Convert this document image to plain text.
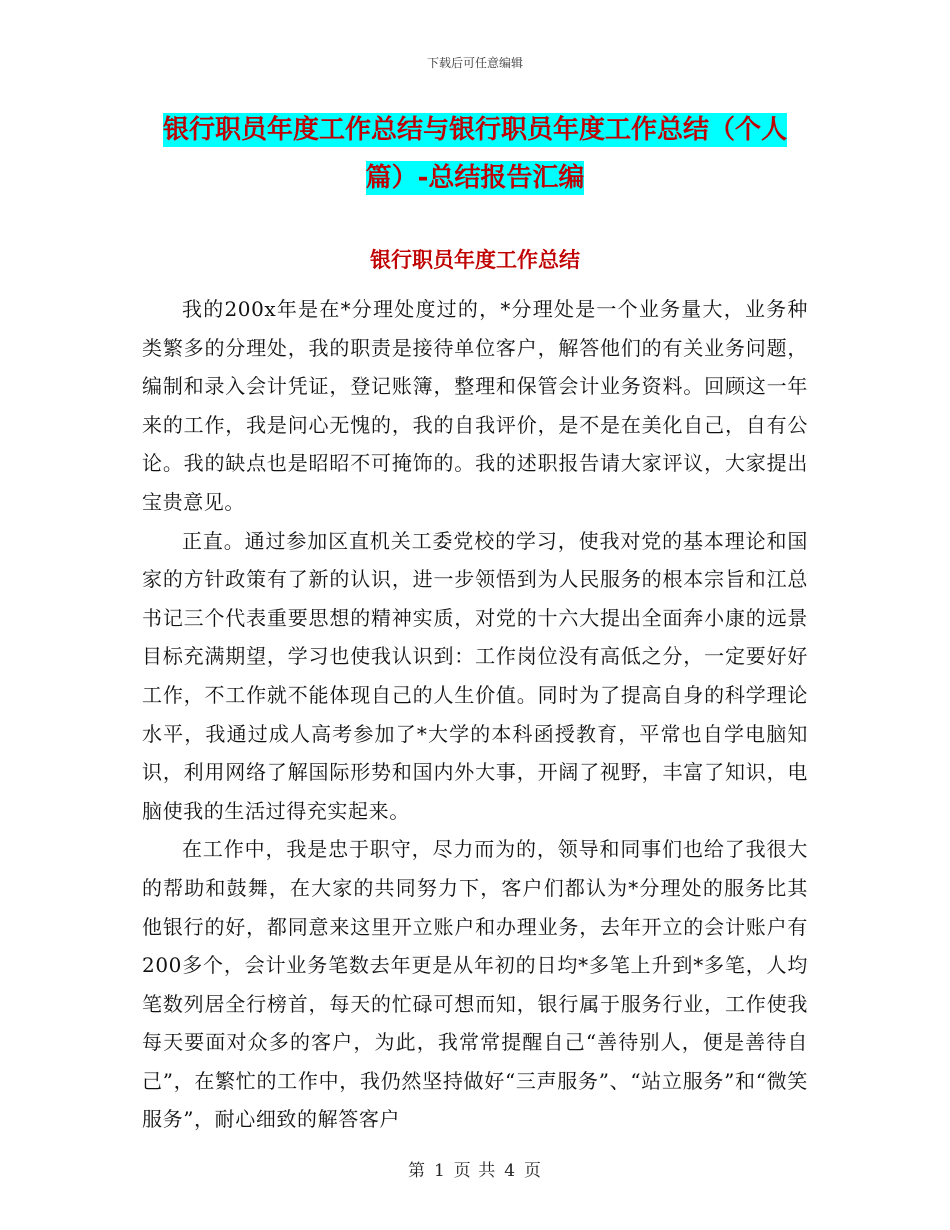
下载后可任意编辑
银行职员年度工作总结与银行职员年度工作总结（个人篇）-总结报告汇编
银行职员年度工作总结

我的200x年是在*分理处度过的，*分理处是一个业务量大，业务种类繁多的分理处，我的职责是接待单位客户，解答他们的有关业务问题，编制和录入会计凭证，登记账簿，整理和保管会计业务资料。回顾这一年来的工作，我是问心无愧的，我的自我评价，是不是在美化自己，自有公论。我的缺点也是昭昭不可掩饰的。我的述职报告请大家评议，大家提出宝贵意见。

正直。通过参加区直机关工委党校的学习，使我对党的基本理论和国家的方针政策有了新的认识，进一步领悟到为人民服务的根本宗旨和江总书记三个代表重要思想的精神实质，对党的十六大提出全面奔小康的远景目标充满期望，学习也使我认识到：工作岗位没有高低之分，一定要好好工作，不工作就不能体现自己的人生价值。同时为了提高自身的科学理论水平，我通过成人高考参加了*大学的本科函授教育，平常也自学电脑知识，利用网络了解国际形势和国内外大事，开阔了视野，丰富了知识，电脑使我的生活过得充实起来。

在工作中，我是忠于职守，尽力而为的，领导和同事们也给了我很大的帮助和鼓舞，在大家的共同努力下，客户们都认为*分理处的服务比其他银行的好，都同意来这里开立账户和办理业务，去年开立的会计账户有200多个，会计业务笔数去年更是从年初的日均*多笔上升到*多笔，人均笔数列居全行榜首，每天的忙碌可想而知，银行属于服务行业，工作使我每天要面对众多的客户，为此，我常常提醒自己“善待别人，便是善待自己”，在繁忙的工作中，我仍然坚持做好“三声服务”、“站立服务”和“微笑服务”，耐心细致的解答客户

第 1 页 共 4 页
